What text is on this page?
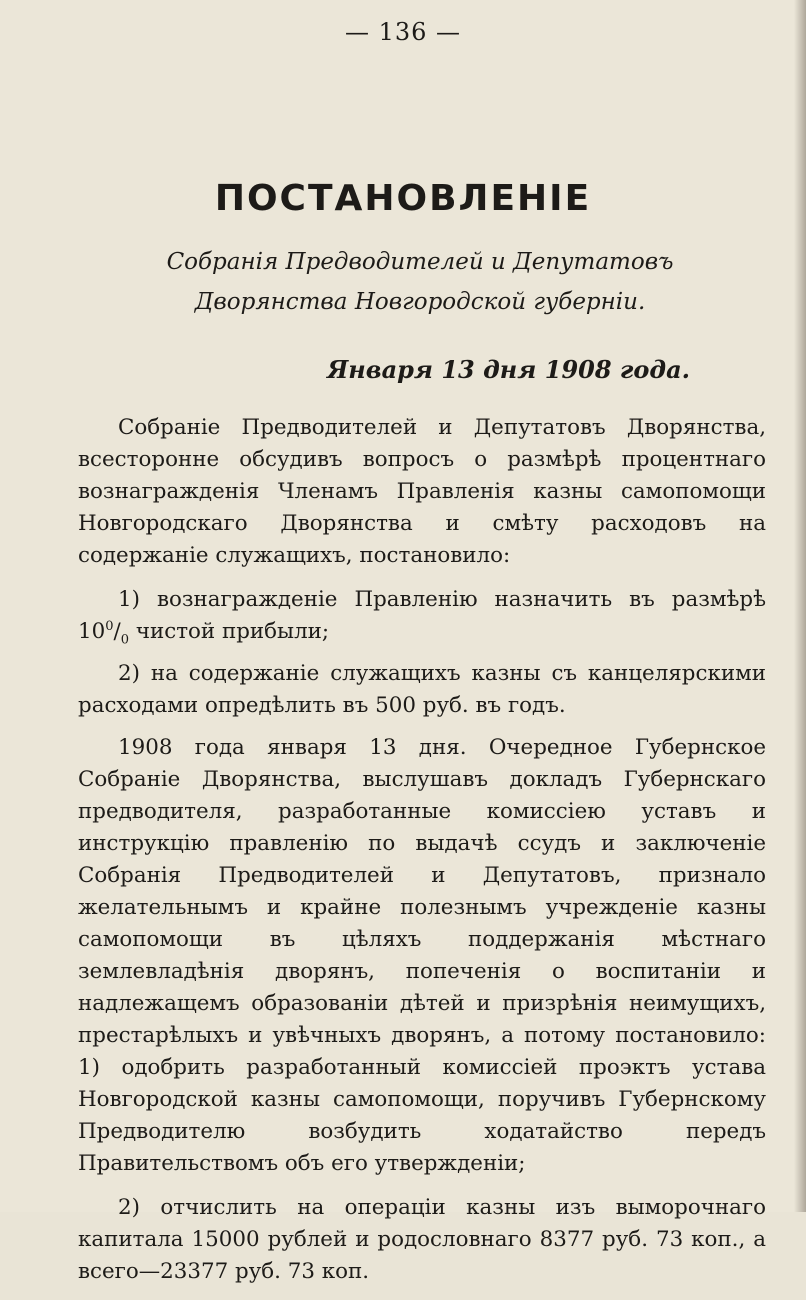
— 136 —
ПОСТАНОВЛЕНІЕ
Собранія Предводителей и Депутатовъ Дворянства Новгородской губерніи.
Января 13 дня 1908 года.

Собраніе Предводителей и Депутатовъ Дворянства, всесторонне обсудивъ вопросъ о размѣрѣ процентнаго вознагражденія Членамъ Правленія казны самопомощи Новгородскаго Дворянства и смѣту расходовъ на содержаніе служащихъ, постановило:

1) вознагражденіе Правленію назначить въ размѣрѣ $10^0/_0$ чистой прибыли;

2) на содержаніе служащихъ казны съ канцелярскими расходами опредѣлить въ 500 руб. въ годъ.

1908 года января 13 дня. Очередное Губернское Собраніе Дворянства, выслушавъ докладъ Губернскаго предводителя, разработанные комиссіею уставъ и инструкцію правленію по выдачѣ ссудъ и заключеніе Собранія Предводителей и Депутатовъ, признало желательнымъ и крайне полезнымъ учрежденіе казны самопомощи въ цѣляхъ поддержанія мѣстнаго землевладѣнія дворянъ, попеченія о воспитаніи и надлежащемъ образованіи дѣтей и призрѣнія неимущихъ, престарѣлыхъ и увѣчныхъ дворянъ, а потому постановило: 1) одобрить разработанный комиссіей проэктъ устава Новгородской казны самопомощи, поручивъ Губернскому Предводителю возбудить ходатайство передъ Правительствомъ объ его утвержденіи;

2) отчислить на операціи казны изъ выморочнаго капитала 15000 рублей и родословнаго 8377 руб. 73 коп., а всего—23377 руб. 73 коп.
